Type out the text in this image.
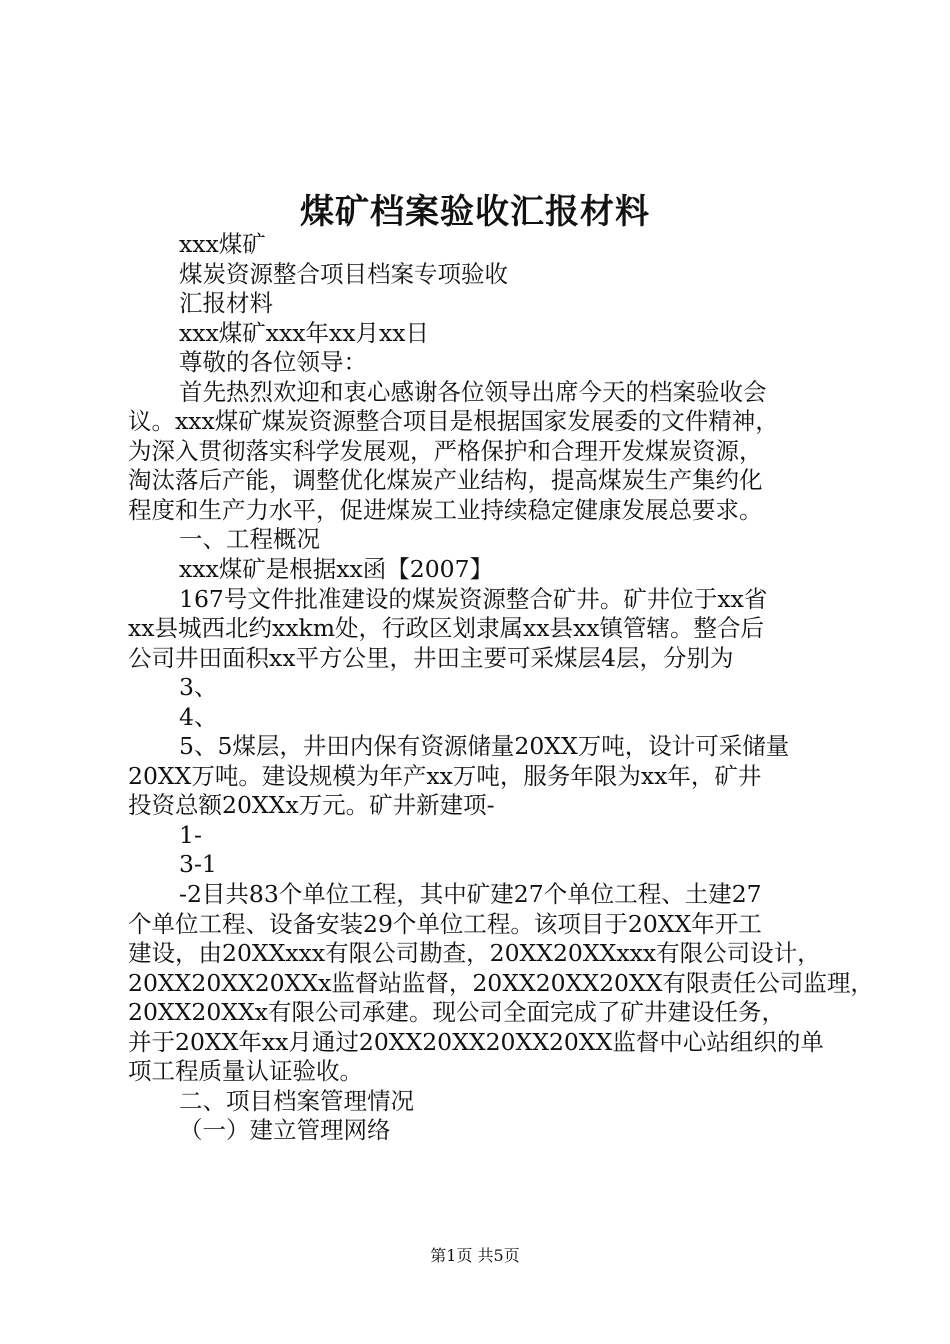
煤矿档案验收汇报材料

xxx煤矿

煤炭资源整合项目档案专项验收

汇报材料

xxx煤矿xxx年xx月xx日

尊敬的各位领导：

首先热烈欢迎和衷心感谢各位领导出席今天的档案验收会

议。xxx煤矿煤炭资源整合项目是根据国家发展委的文件精神，

为深入贯彻落实科学发展观，严格保护和合理开发煤炭资源，

淘汰落后产能，调整优化煤炭产业结构，提高煤炭生产集约化

程度和生产力水平，促进煤炭工业持续稳定健康发展总要求。

一、工程概况

xxx煤矿是根据xx函【2007】

167号文件批准建设的煤炭资源整合矿井。矿井位于xx省

xx县城西北约xxkm处，行政区划隶属xx县xx镇管辖。整合后

公司井田面积xx平方公里，井田主要可采煤层4层，分别为

3、

4、

5、5煤层，井田内保有资源储量20XX万吨，设计可采储量

20XX万吨。建设规模为年产xx万吨，服务年限为xx年，矿井

投资总额20XXx万元。矿井新建项-

1-

3-1

-2目共83个单位工程，其中矿建27个单位工程、土建27

个单位工程、设备安装29个单位工程。该项目于20XX年开工

建设，由20XXxxx有限公司勘查，20XX20XXxxx有限公司设计，

20XX20XX20XXx监督站监督，20XX20XX20XX有限责任公司监理，

20XX20XXx有限公司承建。现公司全面完成了矿井建设任务，

并于20XX年xx月通过20XX20XX20XX20XX监督中心站组织的单

项工程质量认证验收。

二、项目档案管理情况

（一）建立管理网络

第1页 共5页
